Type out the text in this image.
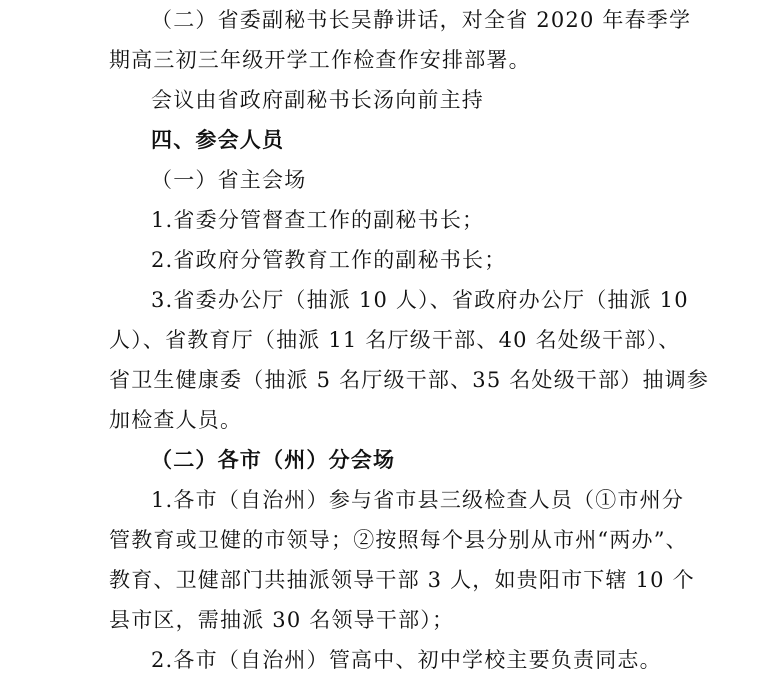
（二）省委副秘书长吴静讲话，对全省 2020 年春季学
期高三初三年级开学工作检查作安排部署。
会议由省政府副秘书长汤向前主持
四、参会人员
（一）省主会场
1.省委分管督查工作的副秘书长；
2.省政府分管教育工作的副秘书长；
3.省委办公厅（抽派 10 人）、省政府办公厅（抽派 10
人）、省教育厅（抽派 11 名厅级干部、40 名处级干部）、
省卫生健康委（抽派 5 名厅级干部、35 名处级干部）抽调参
加检查人员。
（二）各市（州）分会场
1.各市（自治州）参与省市县三级检查人员（①市州分
管教育或卫健的市领导；②按照每个县分别从市州“两办”、
教育、卫健部门共抽派领导干部 3 人，如贵阳市下辖 10 个
县市区，需抽派 30 名领导干部）；
2.各市（自治州）管高中、初中学校主要负责同志。
